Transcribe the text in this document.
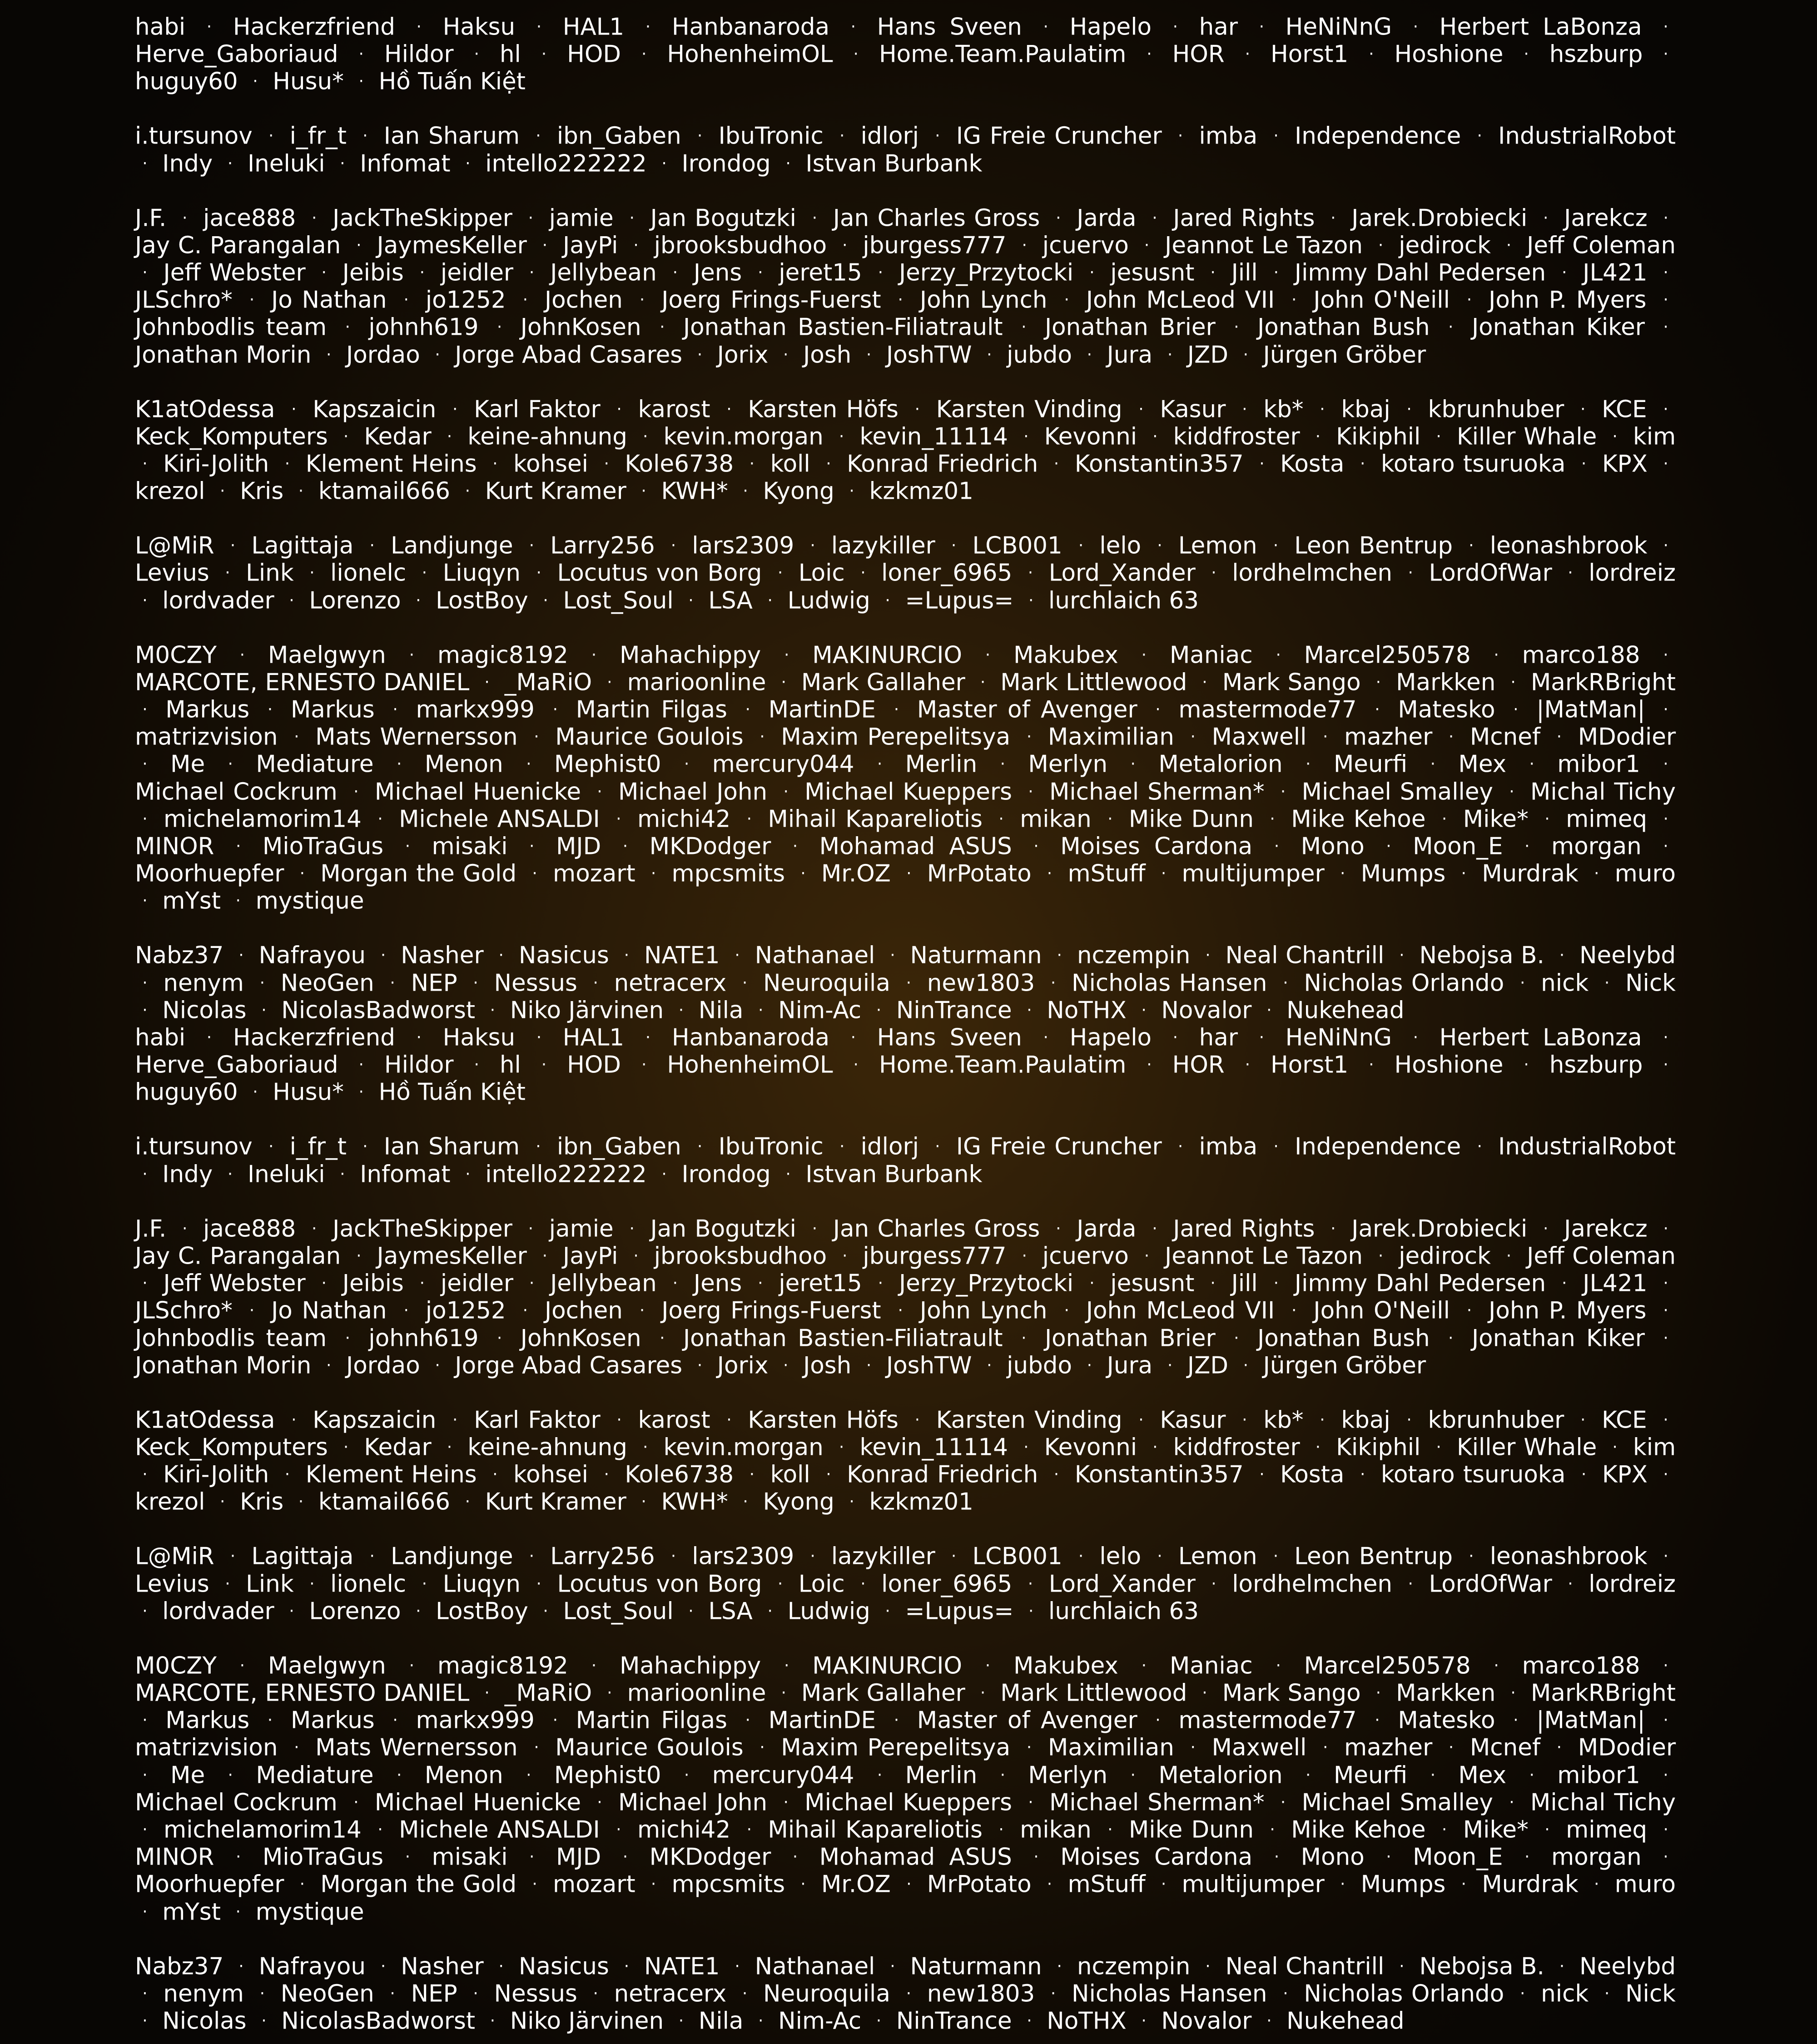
habi · Hackerzfriend · Haksu · HAL1 · Hanbanaroda · Hans Sveen · Hapelo · har · HeNiNnG · Herbert LaBonza · Herve_Gaboriaud · Hildor · hl · HOD · HohenheimOL · Home.Team.Paulatim · HOR · Horst1 · Hoshione · hszburp · huguy60 · Husu* · Hồ Tuấn Kiệt
i.tursunov · i_fr_t · Ian Sharum · ibn_Gaben · IbuTronic · idlorj · IG Freie Cruncher · imba · Independence · IndustrialRobot · Indy · Ineluki · Infomat · intello222222 · Irondog · Istvan Burbank
J.F. · jace888 · JackTheSkipper · jamie · Jan Bogutzki · Jan Charles Gross · Jarda · Jared Rights · Jarek.Drobiecki · Jarekcz · Jay C. Parangalan · JaymesKeller · JayPi · jbrooksbudhoo · jburgess777 · jcuervo · Jeannot Le Tazon · jedirock · Jeff Coleman · Jeff Webster · Jeibis · jeidler · Jellybean · Jens · jeret15 · Jerzy_Przytocki · jesusnt · Jill · Jimmy Dahl Pedersen · JL421 · JLSchro* · Jo Nathan · jo1252 · Jochen · Joerg Frings-Fuerst · John Lynch · John McLeod VII · John O'Neill · John P. Myers · Johnbodlis team · johnh619 · JohnKosen · Jonathan Bastien-Filiatrault · Jonathan Brier · Jonathan Bush · Jonathan Kiker · Jonathan Morin · Jordao · Jorge Abad Casares · Jorix · Josh · JoshTW · jubdo · Jura · JZD · Jürgen Gröber
K1atOdessa · Kapszaicin · Karl Faktor · karost · Karsten Höfs · Karsten Vinding · Kasur · kb* · kbaj · kbrunhuber · KCE · Keck_Komputers · Kedar · keine-ahnung · kevin.morgan · kevin_11114 · Kevonni · kiddfroster · Kikiphil · Killer Whale · kim · Kiri-Jolith · Klement Heins · kohsei · Kole6738 · koll · Konrad Friedrich · Konstantin357 · Kosta · kotaro tsuruoka · KPX · krezol · Kris · ktamail666 · Kurt Kramer · KWH* · Kyong · kzkmz01
L@MiR · Lagittaja · Landjunge · Larry256 · lars2309 · lazykiller · LCB001 · lelo · Lemon · Leon Bentrup · leonashbrook · Levius · Link · lionelc · Liuqyn · Locutus von Borg · Loic · loner_6965 · Lord_Xander · lordhelmchen · LordOfWar · lordreiz · lordvader · Lorenzo · LostBoy · Lost_Soul · LSA · Ludwig · =Lupus= · lurchlaich 63
M0CZY · Maelgwyn · magic8192 · Mahachippy · MAKINURCIO · Makubex · Maniac · Marcel250578 · marco188 · MARCOTE, ERNESTO DANIEL · _MaRiO · marioonline · Mark Gallaher · Mark Littlewood · Mark Sango · Markken · MarkRBright · Markus · Markus · markx999 · Martin Filgas · MartinDE · Master of Avenger · mastermode77 · Matesko · |MatMan| · matrizvision · Mats Wernersson · Maurice Goulois · Maxim Perepelitsya · Maximilian · Maxwell · mazher · Mcnef · MDodier · Me · Mediature · Menon · Mephist0 · mercury044 · Merlin · Merlyn · Metalorion · Meurfi · Mex · mibor1 · Michael Cockrum · Michael Huenicke · Michael John · Michael Kueppers · Michael Sherman* · Michael Smalley · Michal Tichy · michelamorim14 · Michele ANSALDI · michi42 · Mihail Kapareliotis · mikan · Mike Dunn · Mike Kehoe · Mike* · mimeq · MINOR · MioTraGus · misaki · MJD · MKDodger · Mohamad ASUS · Moises Cardona · Mono · Moon_E · morgan · Moorhuepfer · Morgan the Gold · mozart · mpcsmits · Mr.OZ · MrPotato · mStuff · multijumper · Mumps · Murdrak · muro · mYst · mystique
Nabz37 · Nafrayou · Nasher · Nasicus · NATE1 · Nathanael · Naturmann · nczempin · Neal Chantrill · Nebojsa B. · Neelybd · nenym · NeoGen · NEP · Nessus · netracerx · Neuroquila · new1803 · Nicholas Hansen · Nicholas Orlando · nick · Nick · Nicolas · NicolasBadworst · Niko Järvinen · Nila · Nim-Ac · NinTrance · NoTHX · Novalor · Nukehead
habi · Hackerzfriend · Haksu · HAL1 · Hanbanaroda · Hans Sveen · Hapelo · har · HeNiNnG · Herbert LaBonza · Herve_Gaboriaud · Hildor · hl · HOD · HohenheimOL · Home.Team.Paulatim · HOR · Horst1 · Hoshione · hszburp · huguy60 · Husu* · Hồ Tuấn Kiệt
i.tursunov · i_fr_t · Ian Sharum · ibn_Gaben · IbuTronic · idlorj · IG Freie Cruncher · imba · Independence · IndustrialRobot · Indy · Ineluki · Infomat · intello222222 · Irondog · Istvan Burbank
J.F. · jace888 · JackTheSkipper · jamie · Jan Bogutzki · Jan Charles Gross · Jarda · Jared Rights · Jarek.Drobiecki · Jarekcz · Jay C. Parangalan · JaymesKeller · JayPi · jbrooksbudhoo · jburgess777 · jcuervo · Jeannot Le Tazon · jedirock · Jeff Coleman · Jeff Webster · Jeibis · jeidler · Jellybean · Jens · jeret15 · Jerzy_Przytocki · jesusnt · Jill · Jimmy Dahl Pedersen · JL421 · JLSchro* · Jo Nathan · jo1252 · Jochen · Joerg Frings-Fuerst · John Lynch · John McLeod VII · John O'Neill · John P. Myers · Johnbodlis team · johnh619 · JohnKosen · Jonathan Bastien-Filiatrault · Jonathan Brier · Jonathan Bush · Jonathan Kiker · Jonathan Morin · Jordao · Jorge Abad Casares · Jorix · Josh · JoshTW · jubdo · Jura · JZD · Jürgen Gröber
K1atOdessa · Kapszaicin · Karl Faktor · karost · Karsten Höfs · Karsten Vinding · Kasur · kb* · kbaj · kbrunhuber · KCE · Keck_Komputers · Kedar · keine-ahnung · kevin.morgan · kevin_11114 · Kevonni · kiddfroster · Kikiphil · Killer Whale · kim · Kiri-Jolith · Klement Heins · kohsei · Kole6738 · koll · Konrad Friedrich · Konstantin357 · Kosta · kotaro tsuruoka · KPX · krezol · Kris · ktamail666 · Kurt Kramer · KWH* · Kyong · kzkmz01
L@MiR · Lagittaja · Landjunge · Larry256 · lars2309 · lazykiller · LCB001 · lelo · Lemon · Leon Bentrup · leonashbrook · Levius · Link · lionelc · Liuqyn · Locutus von Borg · Loic · loner_6965 · Lord_Xander · lordhelmchen · LordOfWar · lordreiz · lordvader · Lorenzo · LostBoy · Lost_Soul · LSA · Ludwig · =Lupus= · lurchlaich 63
M0CZY · Maelgwyn · magic8192 · Mahachippy · MAKINURCIO · Makubex · Maniac · Marcel250578 · marco188 · MARCOTE, ERNESTO DANIEL · _MaRiO · marioonline · Mark Gallaher · Mark Littlewood · Mark Sango · Markken · MarkRBright · Markus · Markus · markx999 · Martin Filgas · MartinDE · Master of Avenger · mastermode77 · Matesko · |MatMan| · matrizvision · Mats Wernersson · Maurice Goulois · Maxim Perepelitsya · Maximilian · Maxwell · mazher · Mcnef · MDodier · Me · Mediature · Menon · Mephist0 · mercury044 · Merlin · Merlyn · Metalorion · Meurfi · Mex · mibor1 · Michael Cockrum · Michael Huenicke · Michael John · Michael Kueppers · Michael Sherman* · Michael Smalley · Michal Tichy · michelamorim14 · Michele ANSALDI · michi42 · Mihail Kapareliotis · mikan · Mike Dunn · Mike Kehoe · Mike* · mimeq · MINOR · MioTraGus · misaki · MJD · MKDodger · Mohamad ASUS · Moises Cardona · Mono · Moon_E · morgan · Moorhuepfer · Morgan the Gold · mozart · mpcsmits · Mr.OZ · MrPotato · mStuff · multijumper · Mumps · Murdrak · muro · mYst · mystique
Nabz37 · Nafrayou · Nasher · Nasicus · NATE1 · Nathanael · Naturmann · nczempin · Neal Chantrill · Nebojsa B. · Neelybd · nenym · NeoGen · NEP · Nessus · netracerx · Neuroquila · new1803 · Nicholas Hansen · Nicholas Orlando · nick · Nick · Nicolas · NicolasBadworst · Niko Järvinen · Nila · Nim-Ac · NinTrance · NoTHX · Novalor · Nukehead
